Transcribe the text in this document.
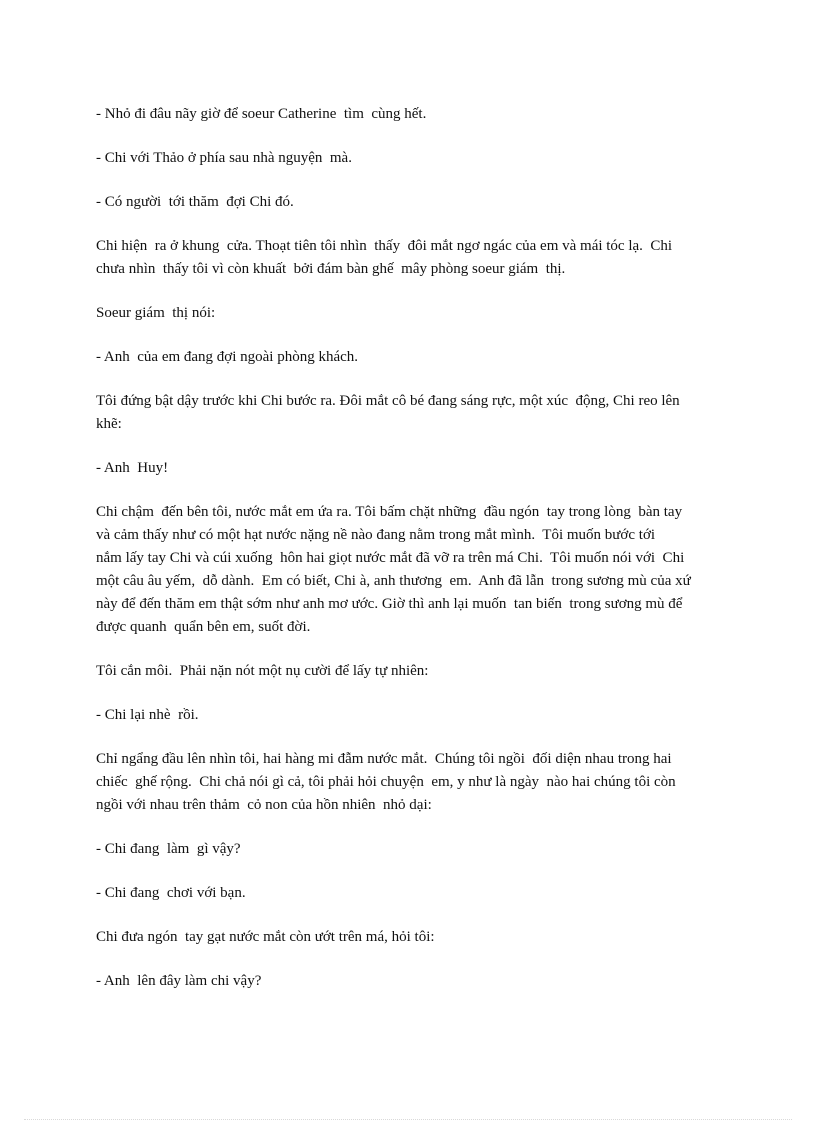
- Nhỏ đi đâu nãy giờ để soeur Catherine  tìm  cùng hết.

- Chi với Thảo ở phía sau nhà nguyện  mà.

- Có người  tới thăm  đợi Chi đó.

Chi hiện  ra ở khung  cửa. Thoạt tiên tôi nhìn  thấy  đôi mắt ngơ ngác của em và mái tóc lạ.  Chi
chưa nhìn  thấy tôi vì còn khuất  bởi đám bàn ghế  mây phòng soeur giám  thị.

Soeur giám  thị nói:

- Anh  của em đang đợi ngoài phòng khách.

Tôi đứng bật dậy trước khi Chi bước ra. Đôi mắt cô bé đang sáng rực, một xúc  động, Chi reo lên
khẽ:

- Anh  Huy!

Chi chậm  đến bên tôi, nước mắt em ứa ra. Tôi bấm chặt những  đầu ngón  tay trong lòng  bàn tay
và cảm thấy như có một hạt nước nặng nề nào đang nằm trong mắt mình.  Tôi muốn bước tới
nắm lấy tay Chi và cúi xuống  hôn hai giọt nước mắt đã vỡ ra trên má Chi.  Tôi muốn nói với  Chi
một câu âu yếm,  dỗ dành.  Em có biết, Chi à, anh thương  em.  Anh đã lẫn  trong sương mù của xứ
này để đến thăm em thật sớm như anh mơ ước. Giờ thì anh lại muốn  tan biến  trong sương mù để
được quanh  quẩn bên em, suốt đời.

Tôi cắn môi.  Phải nặn nót một nụ cười để lấy tự nhiên:

- Chi lại nhè  rồi.

Chỉ ngẩng đầu lên nhìn tôi, hai hàng mi đẫm nước mắt.  Chúng tôi ngồi  đối diện nhau trong hai
chiếc  ghế rộng.  Chi chả nói gì cả, tôi phải hỏi chuyện  em, y như là ngày  nào hai chúng tôi còn
ngồi với nhau trên thảm  cỏ non của hồn nhiên  nhỏ dại:

- Chi đang  làm  gì vậy?

- Chi đang  chơi với bạn.

Chi đưa ngón  tay gạt nước mắt còn ướt trên má, hỏi tôi:

- Anh  lên đây làm chi vậy?
